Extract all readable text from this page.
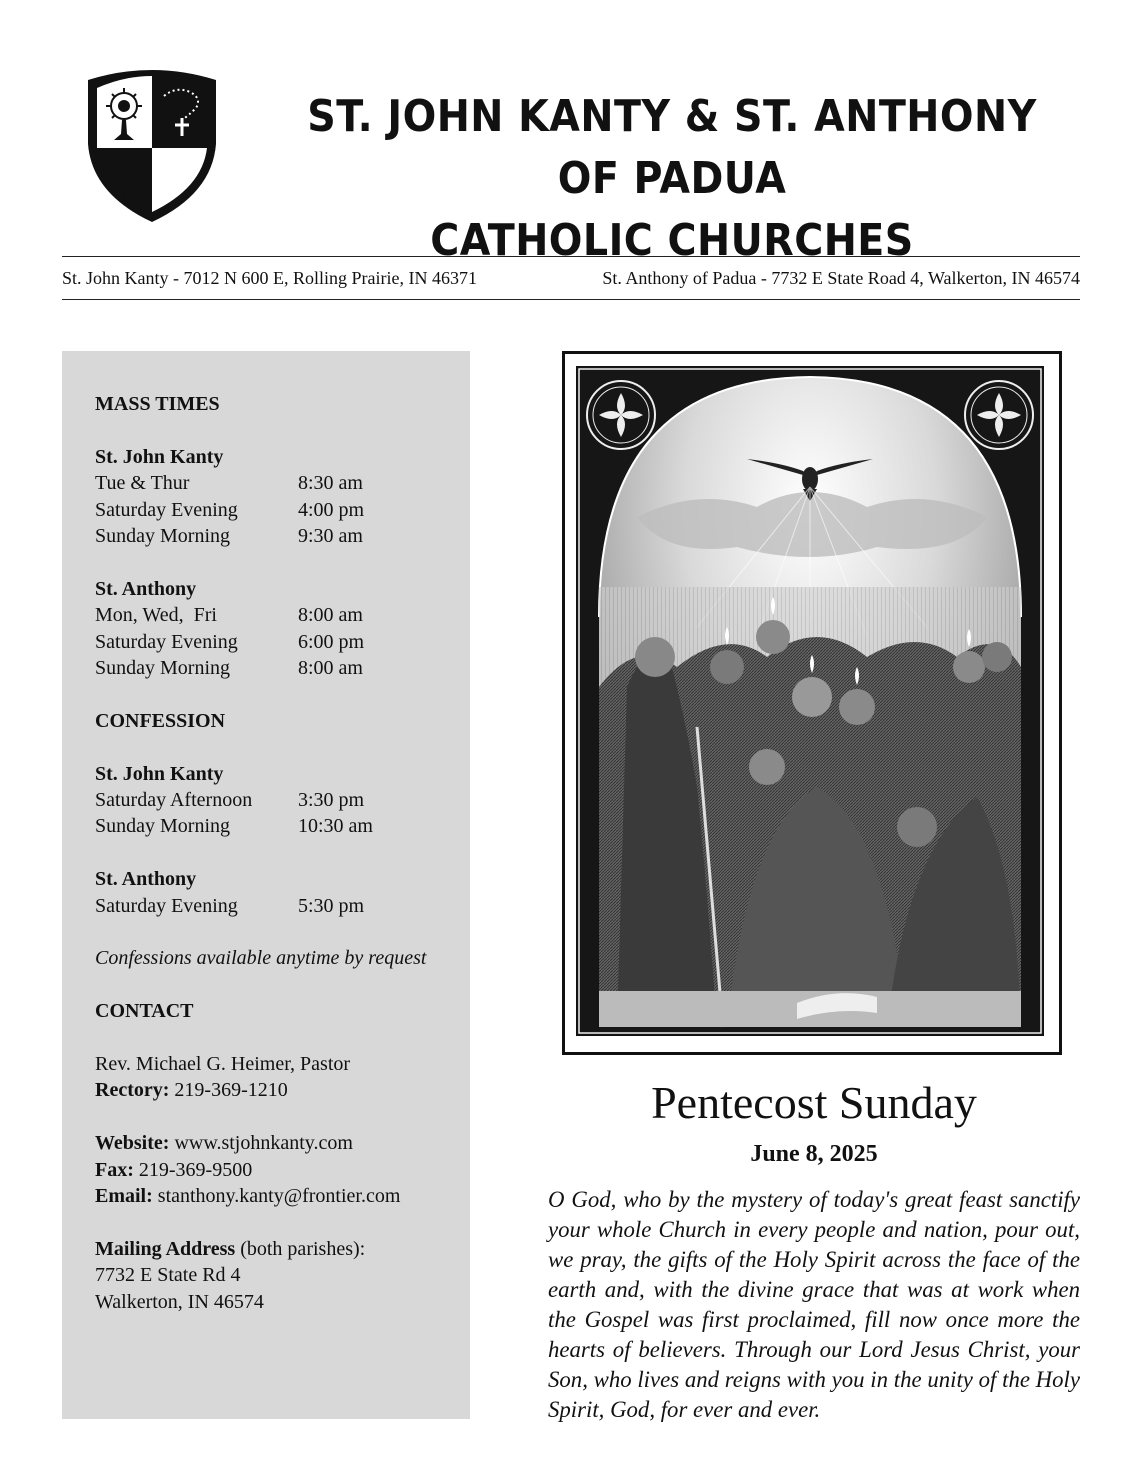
ST. JOHN KANTY & ST. ANTHONY OF PADUA
CATHOLIC CHURCHES
St. John Kanty - 7012 N 600 E, Rolling Prairie, IN 46371	St. Anthony of Padua - 7732 E State Road 4, Walkerton, IN 46574
MASS TIMES
St. John Kanty
Tue & Thur	8:30 am
Saturday Evening	4:00 pm
Sunday Morning	9:30 am
St. Anthony
Mon, Wed,  Fri	8:00 am
Saturday Evening	6:00 pm
Sunday Morning	8:00 am
CONFESSION
St. John Kanty
Saturday Afternoon	3:30 pm
Sunday Morning	10:30 am
St. Anthony
Saturday Evening	5:30 pm
Confessions available anytime by request
CONTACT
Rev. Michael G. Heimer, Pastor
Rectory: 219-369-1210
Website: www.stjohnkanty.com
Fax: 219-369-9500
Email: stanthony.kanty@frontier.com
Mailing Address (both parishes):
7732 E State Rd 4
Walkerton, IN 46574
Pentecost Sunday
June 8, 2025
O God, who by the mystery of today's great feast sanctify your whole Church in every people and nation, pour out, we pray, the gifts of the Holy Spirit across the face of the earth and, with the divine grace that was at work when the Gospel was first proclaimed, fill now once more the hearts of believers. Through our Lord Jesus Christ, your Son, who lives and reigns with you in the unity of the Holy Spirit, God, for ever and ever.
